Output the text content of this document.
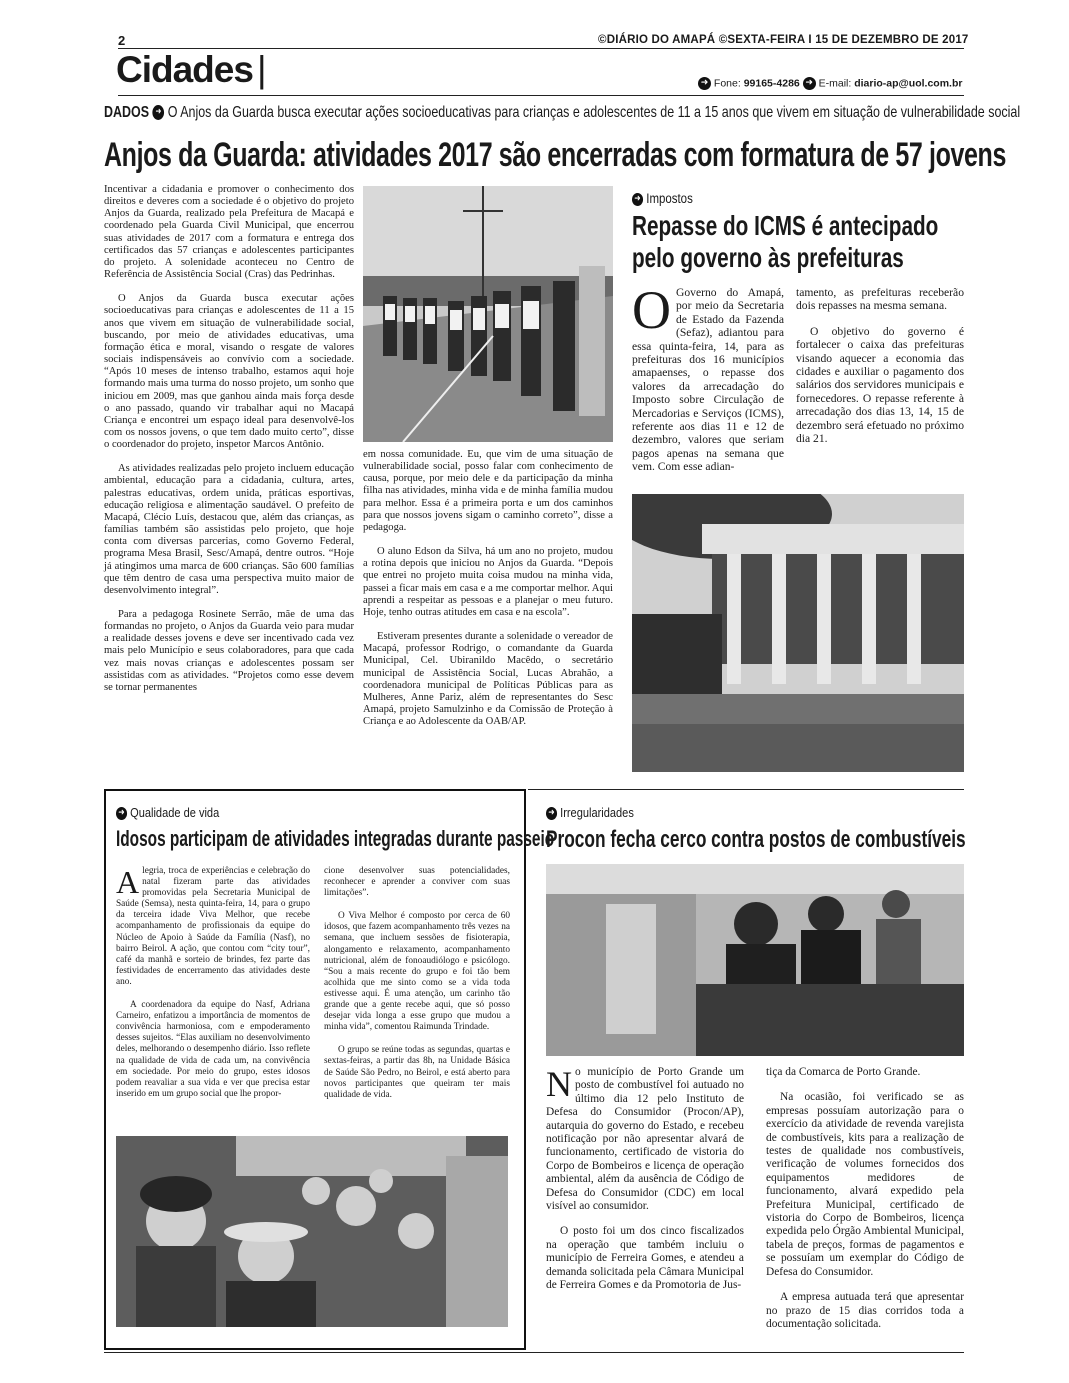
2	©DIÁRIO DO AMAPÁ ©SEXTA-FEIRA I 15 DE DEZEMBRO DE 2017
Cidades |	➜ Fone: 99165-4286 ➜ E-mail: diario-ap@uol.com.br
DADOS ➜ O Anjos da Guarda busca executar ações socioeducativas para crianças e adolescentes de 11 a 15 anos que vivem em situação de vulnerabilidade social
Anjos da Guarda: atividades 2017 são encerradas com formatura de 57 jovens

Incentivar a cidadania e promover o conhecimento dos direitos e deveres com a sociedade é o objetivo do projeto Anjos da Guarda, realizado pela Prefeitura de Macapá e coordenado pela Guarda Civil Municipal, que encerrou suas atividades de 2017 com a formatura e entrega dos certificados das 57 crianças e adolescentes participantes do projeto. A solenidade aconteceu no Centro de Referência de Assistência Social (Cras) das Pedrinhas.

O Anjos da Guarda busca executar ações socioeducativas para crianças e adolescentes de 11 a 15 anos que vivem em situação de vulnerabilidade social, buscando, por meio de atividades educativas, uma formação ética e moral, visando o resgate de valores sociais indispensáveis ao convívio com a sociedade. “Após 10 meses de intenso trabalho, estamos aqui hoje formando mais uma turma do nosso projeto, um sonho que iniciou em 2009, mas que ganhou ainda mais força desde o ano passado, quando vir trabalhar aqui no Macapá Criança e encontrei um espaço ideal para desenvolvê-los com os nossos jovens, o que tem dado muito certo”, disse o coordenador do projeto, inspetor Marcos Antônio.

As atividades realizadas pelo projeto incluem educação ambiental, educação para a cidadania, cultura, artes, palestras educativas, ordem unida, práticas esportivas, educação religiosa e alimentação saudável. O prefeito de Macapá, Clécio Luís, destacou que, além das crianças, as famílias também são assistidas pelo projeto, que hoje conta com diversas parcerias, como Governo Federal, programa Mesa Brasil, Sesc/Amapá, dentre outros. “Hoje já atingimos uma marca de 600 crianças. São 600 famílias que têm dentro de casa uma perspectiva muito maior de desenvolvimento integral”.

Para a pedagoga Rosinete Serrão, mãe de uma das formandas no projeto, o Anjos da Guarda veio para mudar a realidade desses jovens e deve ser incentivado cada vez mais pelo Município e seus colaboradores, para que cada vez mais novas crianças e adolescentes possam ser assistidas com as atividades. “Projetos como esse devem se tornar permanentes

em nossa comunidade. Eu, que vim de uma situação de vulnerabilidade social, posso falar com conhecimento de causa, porque, por meio dele e da participação da minha filha nas atividades, minha vida e de minha família mudou para melhor. Essa é a primeira porta e um dos caminhos para que nossos jovens sigam o caminho correto”, disse a pedagoga.

O aluno Edson da Silva, há um ano no projeto, mudou a rotina depois que iniciou no Anjos da Guarda. “Depois que entrei no projeto muita coisa mudou na minha vida, passei a ficar mais em casa e a me comportar melhor. Aqui aprendi a respeitar as pessoas e a planejar o meu futuro. Hoje, tenho outras atitudes em casa e na escola”.

Estiveram presentes durante a solenidade o vereador de Macapá, professor Rodrigo, o comandante da Guarda Municipal, Cel. Ubiranildo Macêdo, o secretário municipal de Assistência Social, Lucas Abrahão, a coordenadora municipal de Políticas Públicas para as Mulheres, Anne Pariz, além de representantes do Sesc Amapá, projeto Samulzinho e da Comissão de Proteção à Criança e ao Adolescente da OAB/AP.

➜ Impostos
Repasse do ICMS é antecipado pelo governo às prefeituras

O Governo do Amapá, por meio da Secretaria de Estado da Fazenda (Sefaz), adiantou para essa quinta-feira, 14, para as prefeituras dos 16 municípios amapaenses, o repasse dos valores da arrecadação do Imposto sobre Circulação de Mercadorias e Serviços (ICMS), referente aos dias 11 e 12 de dezembro, valores que seriam pagos apenas na semana que vem. Com esse adian-

tamento, as prefeituras receberão dois repasses na mesma semana.

O objetivo do governo é fortalecer o caixa das prefeituras visando aquecer a economia das cidades e auxiliar o pagamento dos salários dos servidores municipais e fornecedores. O repasse referente à arrecadação dos dias 13, 14, 15 de dezembro será efetuado no próximo dia 21.

➜ Qualidade de vida
Idosos participam de atividades integradas durante passeio

Alegria, troca de experiências e celebração do natal fizeram parte das atividades promovidas pela Secretaria Municipal de Saúde (Semsa), nesta quinta-feira, 14, para o grupo da terceira idade Viva Melhor, que recebe acompanhamento de profissionais da equipe do Núcleo de Apoio à Saúde da Família (Nasf), no bairro Beirol. A ação, que contou com “city tour”, café da manhã e sorteio de brindes, fez parte das festividades de encerramento das atividades deste ano.

A coordenadora da equipe do Nasf, Adriana Carneiro, enfatizou a importância de momentos de convivência harmoniosa, com e empoderamento desses sujeitos. “Elas auxiliam no desenvolvimento deles, melhorando o desempenho diário. Isso reflete na qualidade de vida de cada um, na convivência em sociedade. Por meio do grupo, estes idosos podem reavaliar a sua vida e ver que precisa estar inserido em um grupo social que lhe propor-

cione desenvolver suas potencialidades, reconhecer e aprender a conviver com suas limitações”.

O Viva Melhor é composto por cerca de 60 idosos, que fazem acompanhamento três vezes na semana, que incluem sessões de fisioterapia, alongamento e relaxamento, acompanhamento nutricional, além de fonoaudiólogo e psicólogo. “Sou a mais recente do grupo e foi tão bem acolhida que me sinto como se a vida toda estivesse aqui. É uma atenção, um carinho tão grande que a gente recebe aqui, que só posso desejar vida longa a esse grupo que mudou a minha vida”, comentou Raimunda Trindade.

O grupo se reúne todas as segundas, quartas e sextas-feiras, a partir das 8h, na Unidade Básica de Saúde São Pedro, no Beirol, e está aberto para novos participantes que queiram ter mais qualidade de vida.

➜ Irregularidades
Procon fecha cerco contra postos de combustíveis

No município de Porto Grande um posto de combustível foi autuado no último dia 12 pelo Instituto de Defesa do Consumidor (Procon/AP), autarquia do governo do Estado, e recebeu notificação por não apresentar alvará de funcionamento, certificado de vistoria do Corpo de Bombeiros e licença de operação ambiental, além da ausência de Código de Defesa do Consumidor (CDC) em local visível ao consumidor.

O posto foi um dos cinco fiscalizados na operação que também incluiu o município de Ferreira Gomes, e atendeu a demanda solicitada pela Câmara Municipal de Ferreira Gomes e da Promotoria de Jus-

tiça da Comarca de Porto Grande.

Na ocasião, foi verificado se as empresas possuíam autorização para o exercício da atividade de revenda varejista de combustíveis, kits para a realização de testes de qualidade nos combustíveis, verificação de volumes fornecidos dos equipamentos medidores de funcionamento, alvará expedido pela Prefeitura Municipal, certificado de vistoria do Corpo de Bombeiros, licença expedida pelo Órgão Ambiental Municipal, tabela de preços, formas de pagamentos e se possuíam um exemplar do Código de Defesa do Consumidor.

A empresa autuada terá que apresentar no prazo de 15 dias corridos toda a documentação solicitada.
